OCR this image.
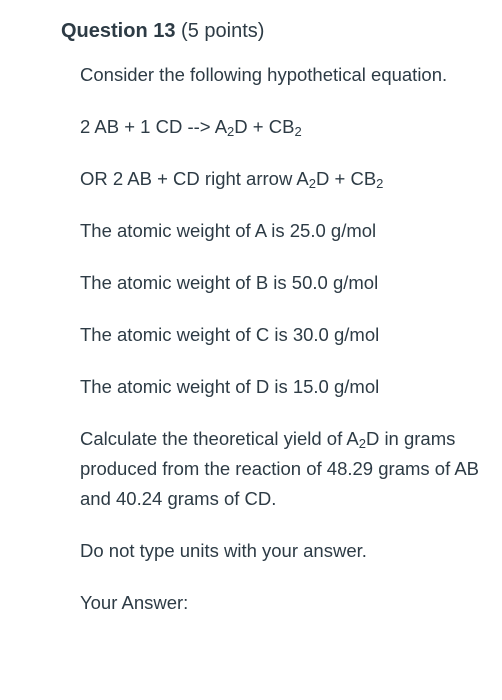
Question 13 (5 points)

Consider the following hypothetical equation.

2 AB + 1 CD --> $A_2D + CB_2$

OR 2 AB + CD right arrow $A_2D + CB_2$

The atomic weight of A is 25.0 g/mol

The atomic weight of B is 50.0 g/mol

The atomic weight of C is 30.0 g/mol

The atomic weight of D is 15.0 g/mol

Calculate the theoretical yield of $A_2D$ in grams produced from the reaction of 48.29 grams of AB and 40.24 grams of CD.

Do not type units with your answer.

Your Answer:
